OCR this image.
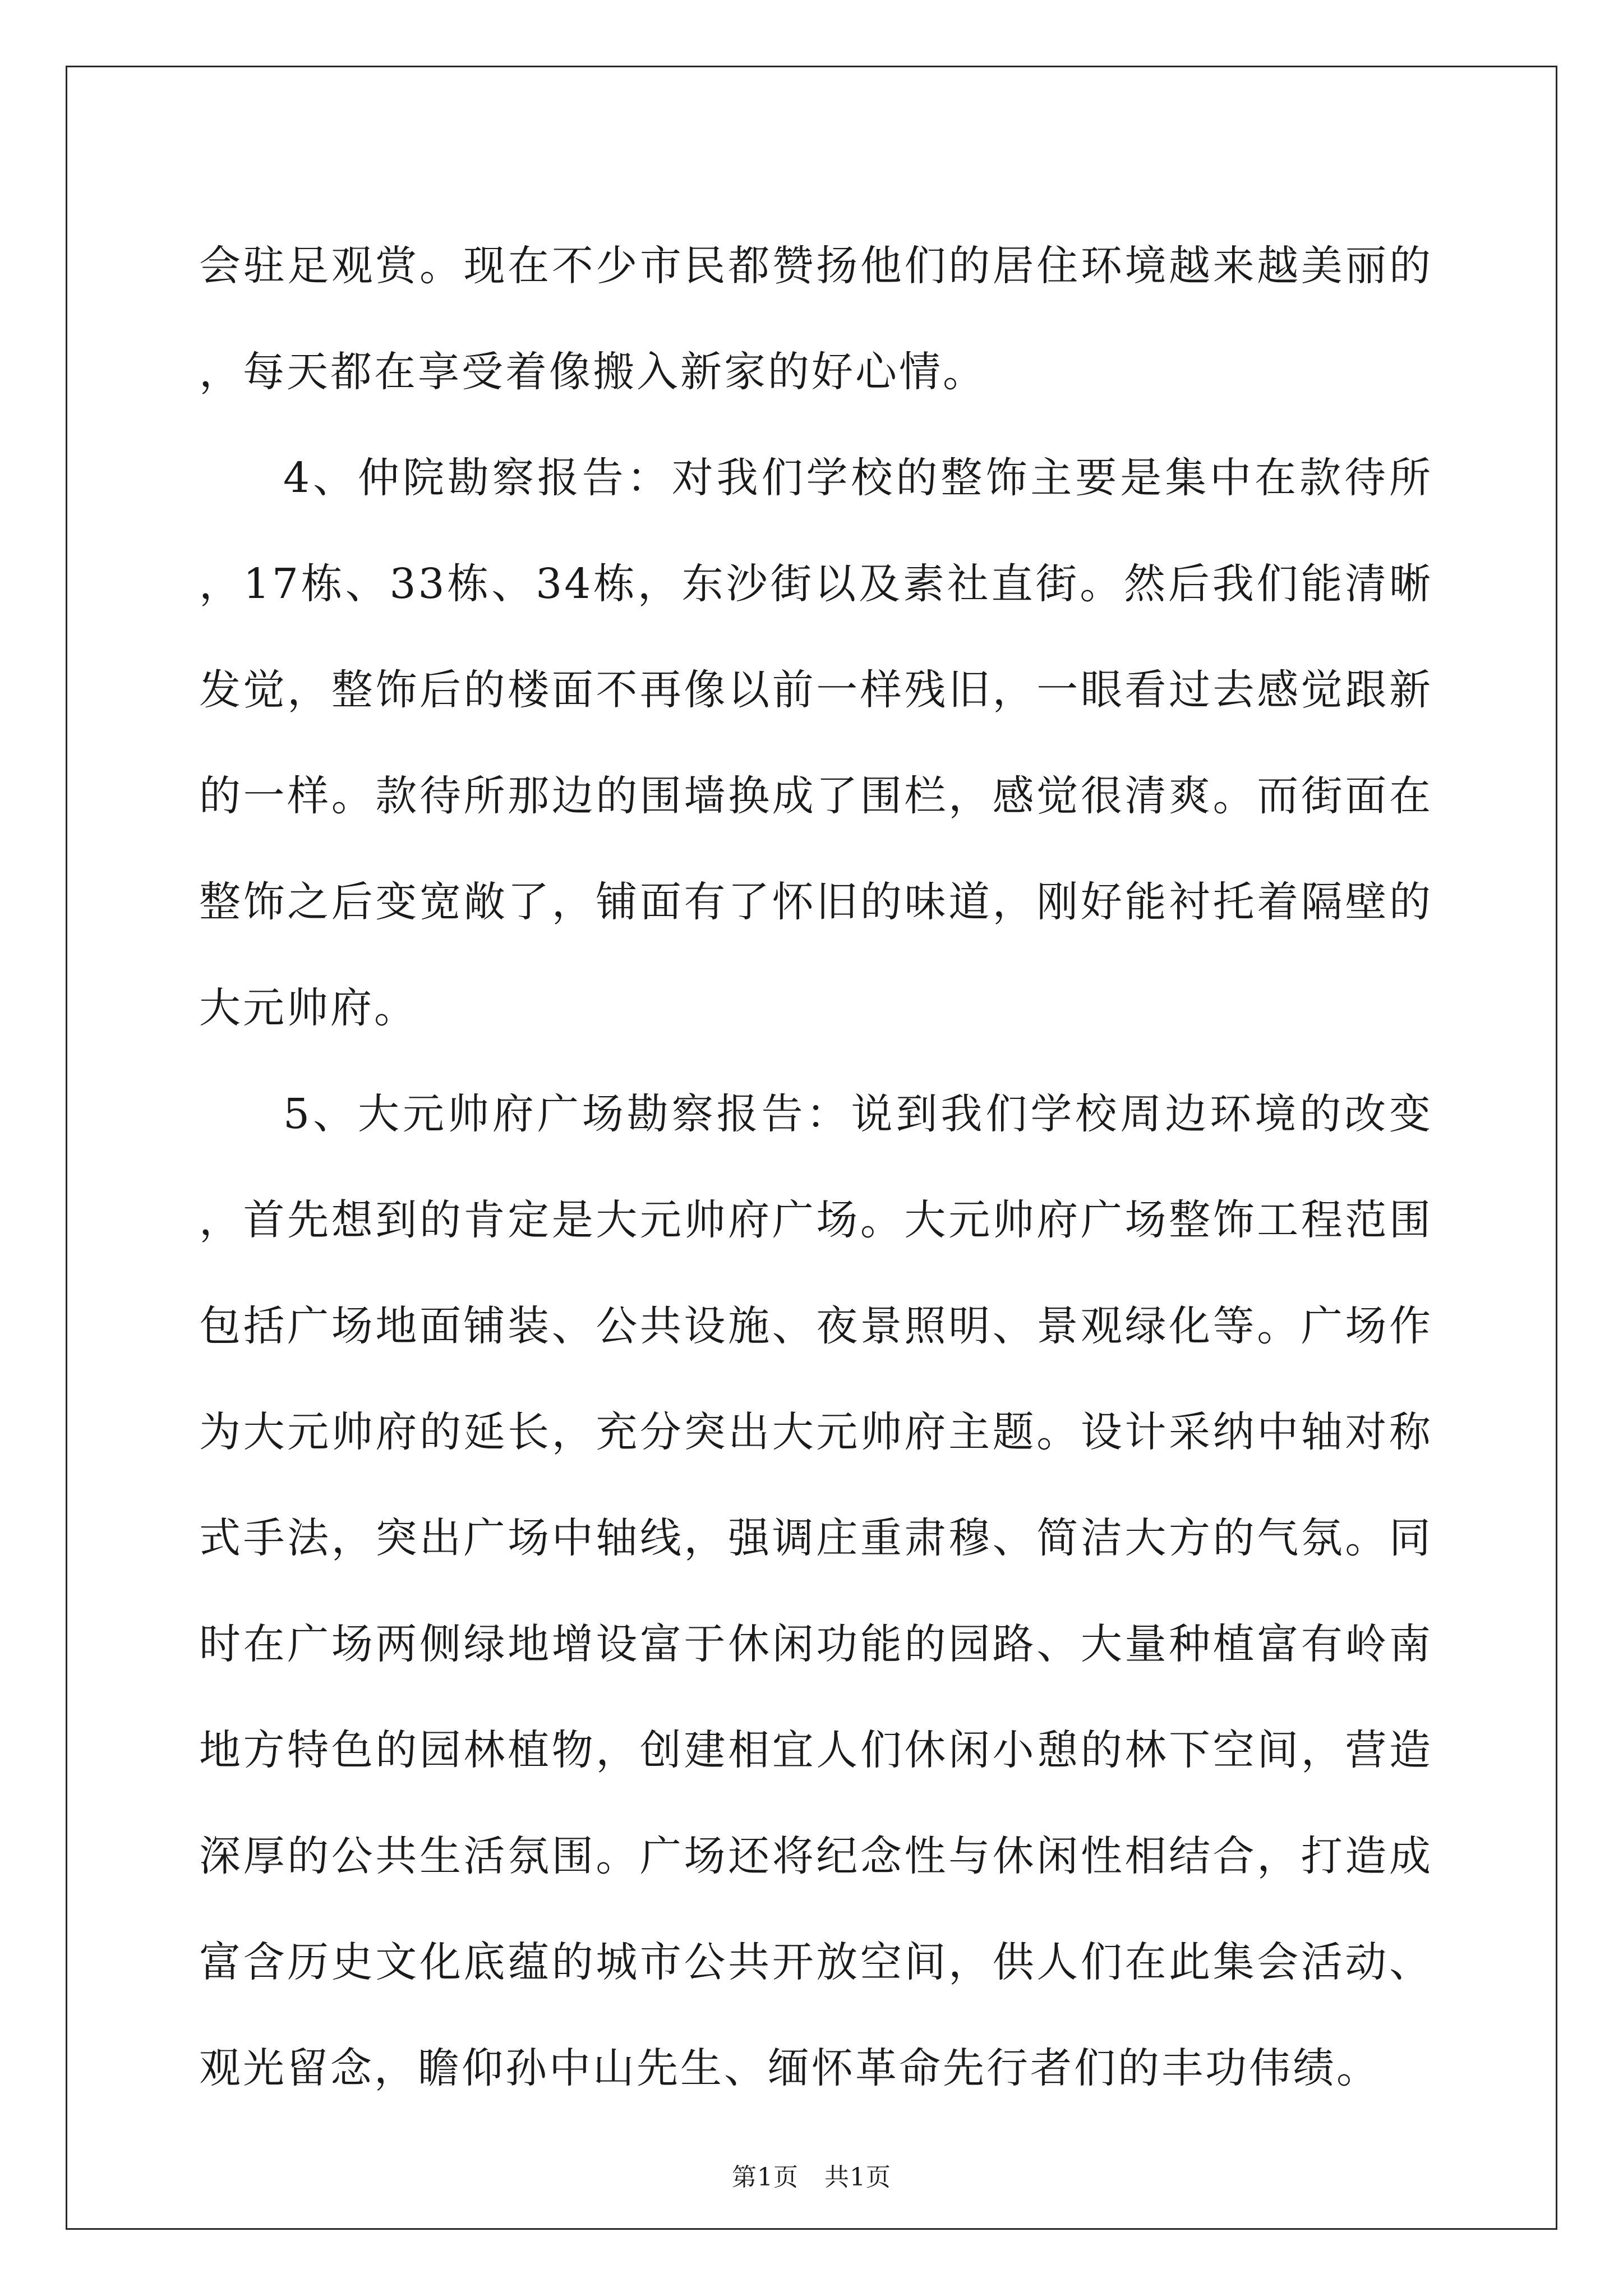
会驻足观赏。现在不少市民都赞扬他们的居住环境越来越美丽的，每天都在享受着像搬入新家的好心情。

4、仲院勘察报告：对我们学校的整饰主要是集中在款待所，17栋、33栋、34栋，东沙街以及素社直街。然后我们能清晰发觉，整饰后的楼面不再像以前一样残旧，一眼看过去感觉跟新的一样。款待所那边的围墙换成了围栏，感觉很清爽。而街面在整饰之后变宽敞了，铺面有了怀旧的味道，刚好能衬托着隔壁的大元帅府。

5、大元帅府广场勘察报告：说到我们学校周边环境的改变，首先想到的肯定是大元帅府广场。大元帅府广场整饰工程范围包括广场地面铺装、公共设施、夜景照明、景观绿化等。广场作为大元帅府的延长，充分突出大元帅府主题。设计采纳中轴对称式手法，突出广场中轴线，强调庄重肃穆、简洁大方的气氛。同时在广场两侧绿地增设富于休闲功能的园路、大量种植富有岭南地方特色的园林植物，创建相宜人们休闲小憩的林下空间，营造深厚的公共生活氛围。广场还将纪念性与休闲性相结合，打造成富含历史文化底蕴的城市公共开放空间，供人们在此集会活动、观光留念，瞻仰孙中山先生、缅怀革命先行者们的丰功伟绩。

第1页 共1页
